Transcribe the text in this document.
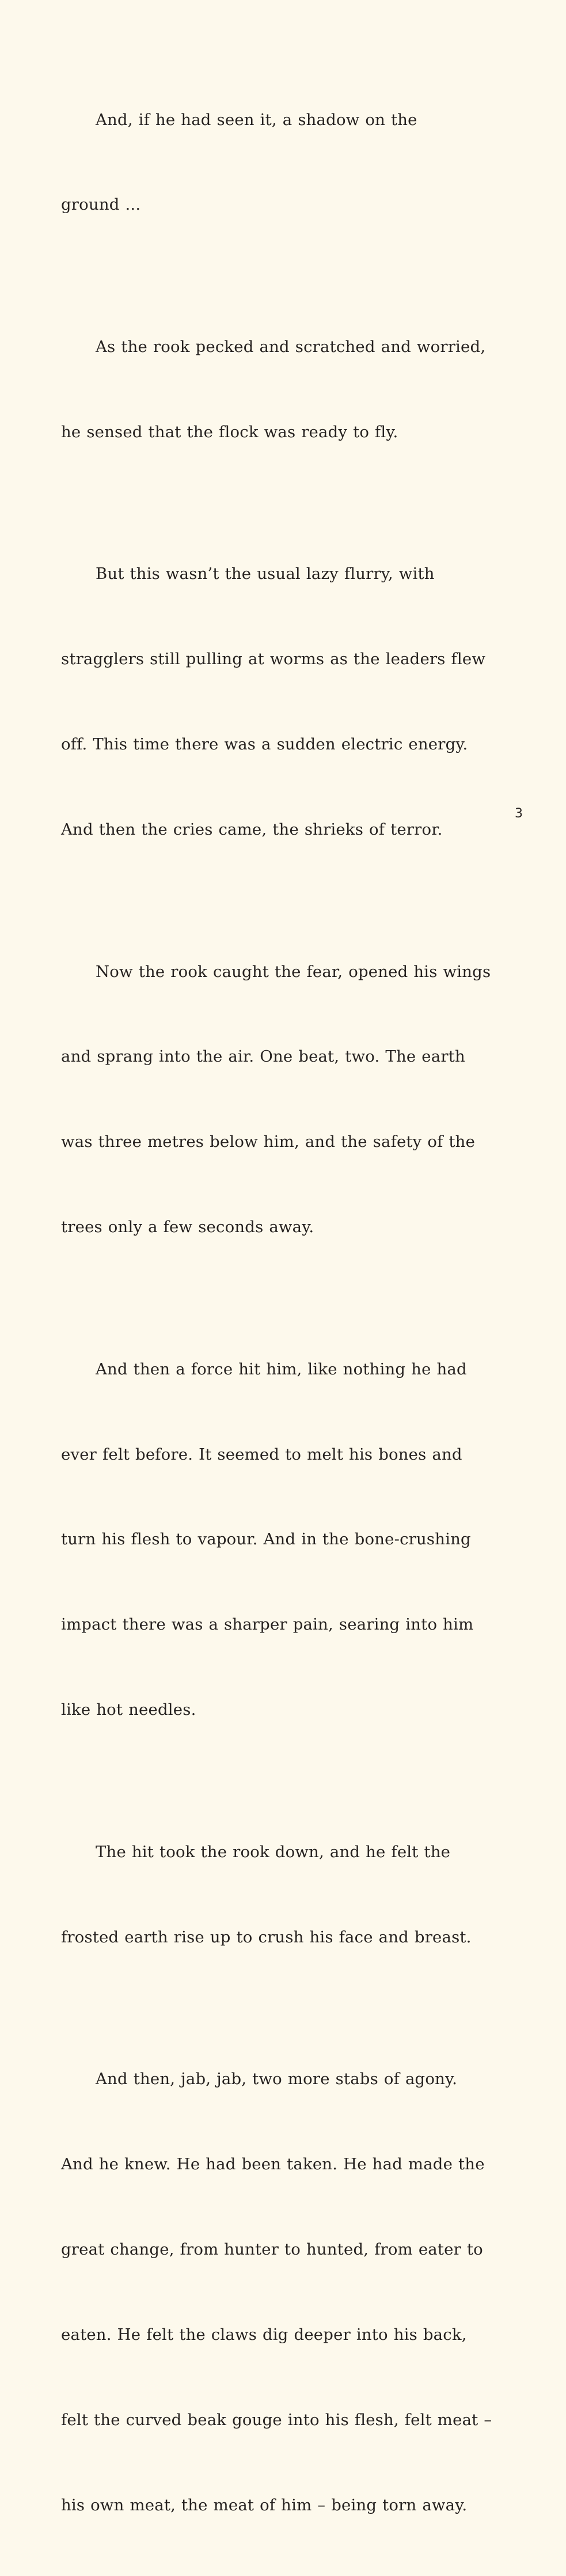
And, if he had seen it, a shadow on the

ground ...

As the rook pecked and scratched and worried,

he sensed that the flock was ready to fly.

But this wasn’t the usual lazy flurry, with

stragglers still pulling at worms as the leaders flew

off. This time there was a sudden electric energy.

And then the cries came, the shrieks of terror.

Now the rook caught the fear, opened his wings

and sprang into the air. One beat, two. The earth

was three metres below him, and the safety of the

trees only a few seconds away.

And then a force hit him, like nothing he had

ever felt before. It seemed to melt his bones and

turn his flesh to vapour. And in the bone-crushing

impact there was a sharper pain, searing into him

like hot needles.

The hit took the rook down, and he felt the

frosted earth rise up to crush his face and breast.

And then, jab, jab, two more stabs of agony.

And he knew. He had been taken. He had made the

great change, from hunter to hunted, from eater to

eaten. He felt the claws dig deeper into his back,

felt the curved beak gouge into his flesh, felt meat –

his own meat, the meat of him – being torn away.

3
